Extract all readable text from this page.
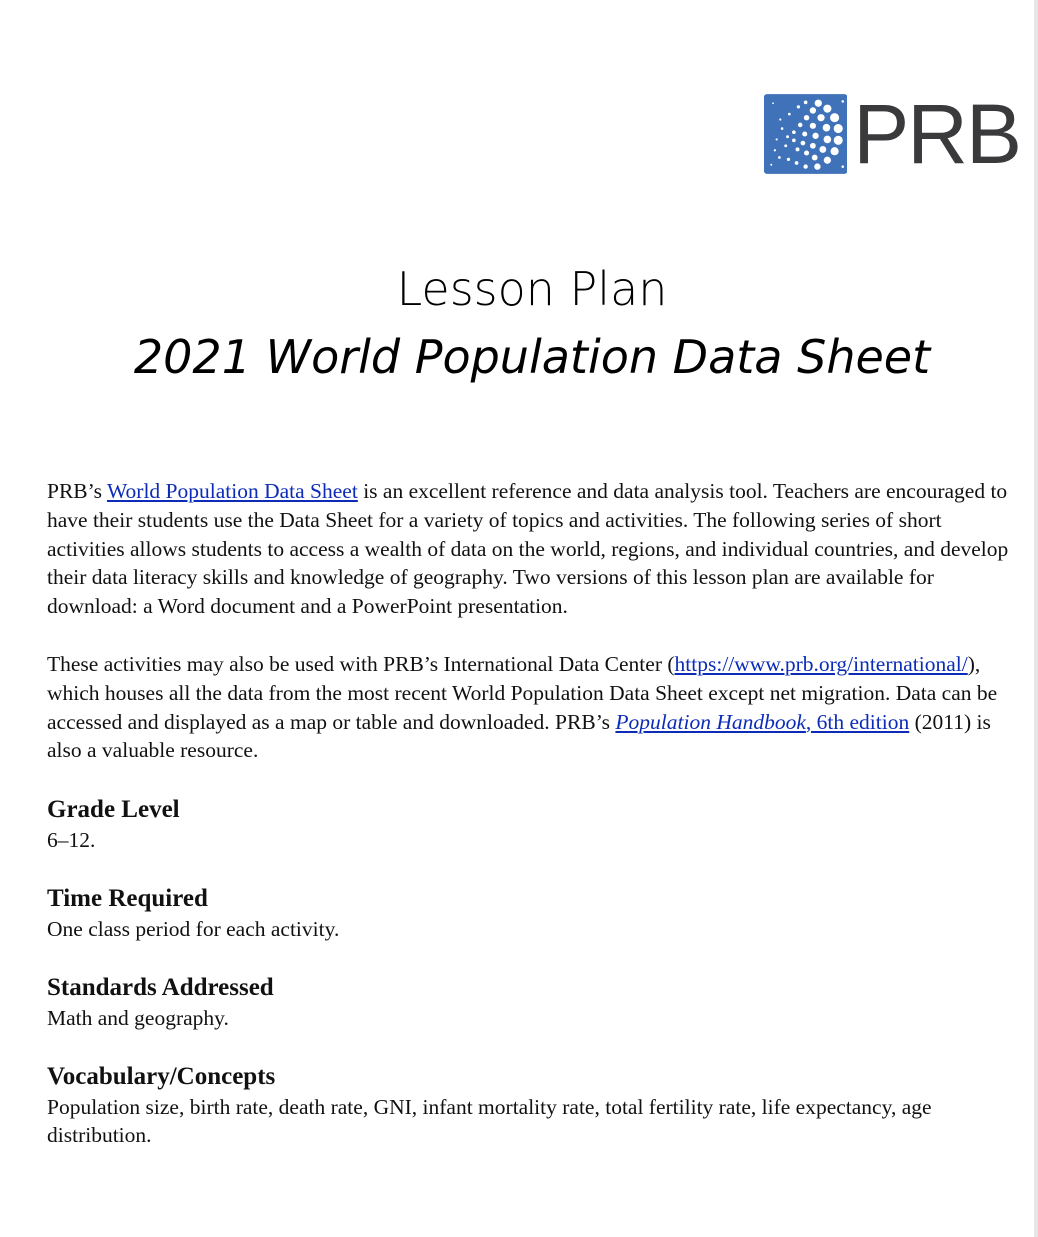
PRB
Lesson Plan
2021 World Population Data Sheet

PRB’s World Population Data Sheet is an excellent reference and data analysis tool. Teachers are encouraged to have their students use the Data Sheet for a variety of topics and activities. The following series of short activities allows students to access a wealth of data on the world, regions, and individual countries, and develop their data literacy skills and knowledge of geography. Two versions of this lesson plan are available for download: a Word document and a PowerPoint presentation.

These activities may also be used with PRB’s International Data Center (https://www.prb.org/international/), which houses all the data from the most recent World Population Data Sheet except net migration. Data can be accessed and displayed as a map or table and downloaded. PRB’s Population Handbook, 6th edition (2011) is also a valuable resource.

Grade Level
6–12.
Time Required
One class period for each activity.
Standards Addressed
Math and geography.
Vocabulary/Concepts
Population size, birth rate, death rate, GNI, infant mortality rate, total fertility rate, life expectancy, age distribution.
